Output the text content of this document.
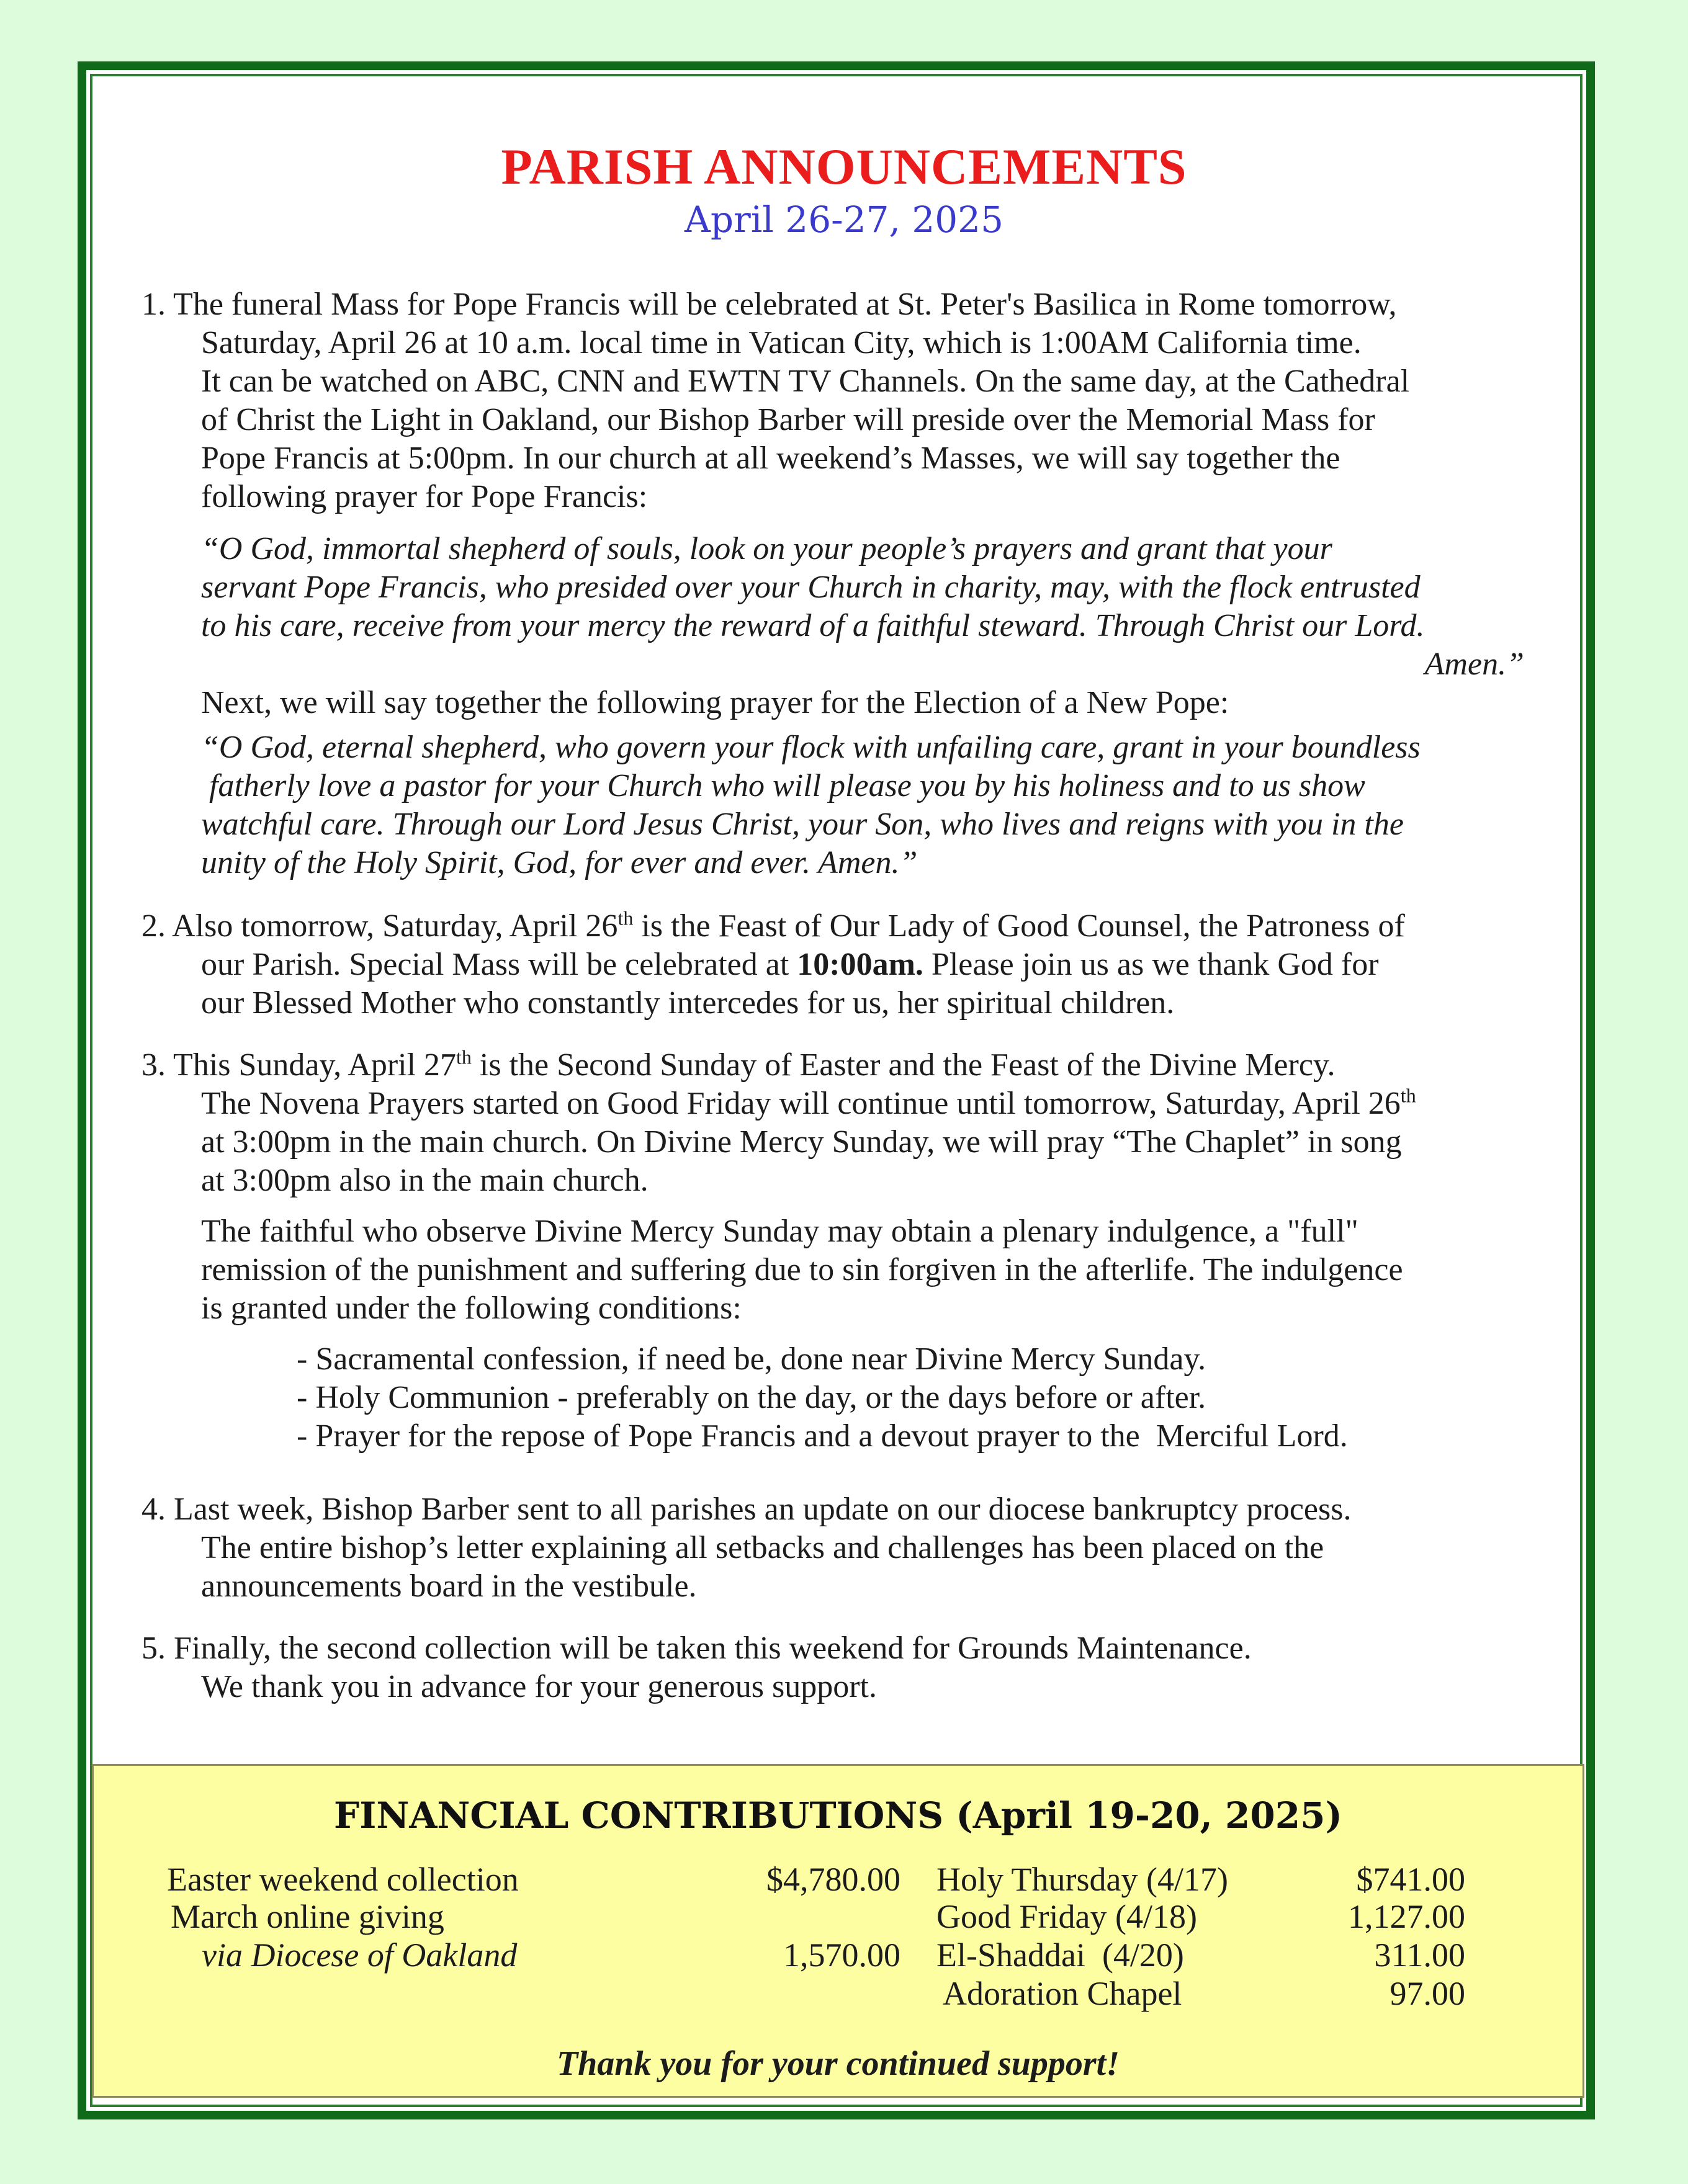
PARISH ANNOUNCEMENTS
April 26-27, 2025

1. The funeral Mass for Pope Francis will be celebrated at St. Peter's Basilica in Rome tomorrow,

Saturday, April 26 at 10 a.m. local time in Vatican City, which is 1:00AM California time.

It can be watched on ABC, CNN and EWTN TV Channels. On the same day, at the Cathedral

of Christ the Light in Oakland, our Bishop Barber will preside over the Memorial Mass for

Pope Francis at 5:00pm. In our church at all weekend’s Masses, we will say together the

following prayer for Pope Francis:

“O God, immortal shepherd of souls, look on your people’s prayers and grant that your

servant Pope Francis, who presided over your Church in charity, may, with the flock entrusted

to his care, receive from your mercy the reward of a faithful steward. Through Christ our Lord.

Amen.”

Next, we will say together the following prayer for the Election of a New Pope:

“O God, eternal shepherd, who govern your flock with unfailing care, grant in your boundless

fatherly love a pastor for your Church who will please you by his holiness and to us show

watchful care. Through our Lord Jesus Christ, your Son, who lives and reigns with you in the

unity of the Holy Spirit, God, for ever and ever. Amen.”

2. Also tomorrow, Saturday, April 26th is the Feast of Our Lady of Good Counsel, the Patroness of

our Parish. Special Mass will be celebrated at 10:00am. Please join us as we thank God for

our Blessed Mother who constantly intercedes for us, her spiritual children.

3. This Sunday, April 27th is the Second Sunday of Easter and the Feast of the Divine Mercy.

The Novena Prayers started on Good Friday will continue until tomorrow, Saturday, April 26th

at 3:00pm in the main church. On Divine Mercy Sunday, we will pray “The Chaplet” in song

at 3:00pm also in the main church.

The faithful who observe Divine Mercy Sunday may obtain a plenary indulgence, a "full"

remission of the punishment and suffering due to sin forgiven in the afterlife. The indulgence

is granted under the following conditions:

- Sacramental confession, if need be, done near Divine Mercy Sunday.

- Holy Communion - preferably on the day, or the days before or after.

- Prayer for the repose of Pope Francis and a devout prayer to the  Merciful Lord.

4. Last week, Bishop Barber sent to all parishes an update on our diocese bankruptcy process.

The entire bishop’s letter explaining all setbacks and challenges has been placed on the

announcements board in the vestibule.

5. Finally, the second collection will be taken this weekend for Grounds Maintenance.

We thank you in advance for your generous support.

FINANCIAL CONTRIBUTIONS (April 19-20, 2025)
Easter weekend collection	$4,780.00
March online giving
via Diocese of Oakland	1,570.00
Holy Thursday (4/17)	$741.00
Good Friday (4/18)	1,127.00
El-Shaddai  (4/20)	311.00
Adoration Chapel	97.00
Thank you for your continued support!
